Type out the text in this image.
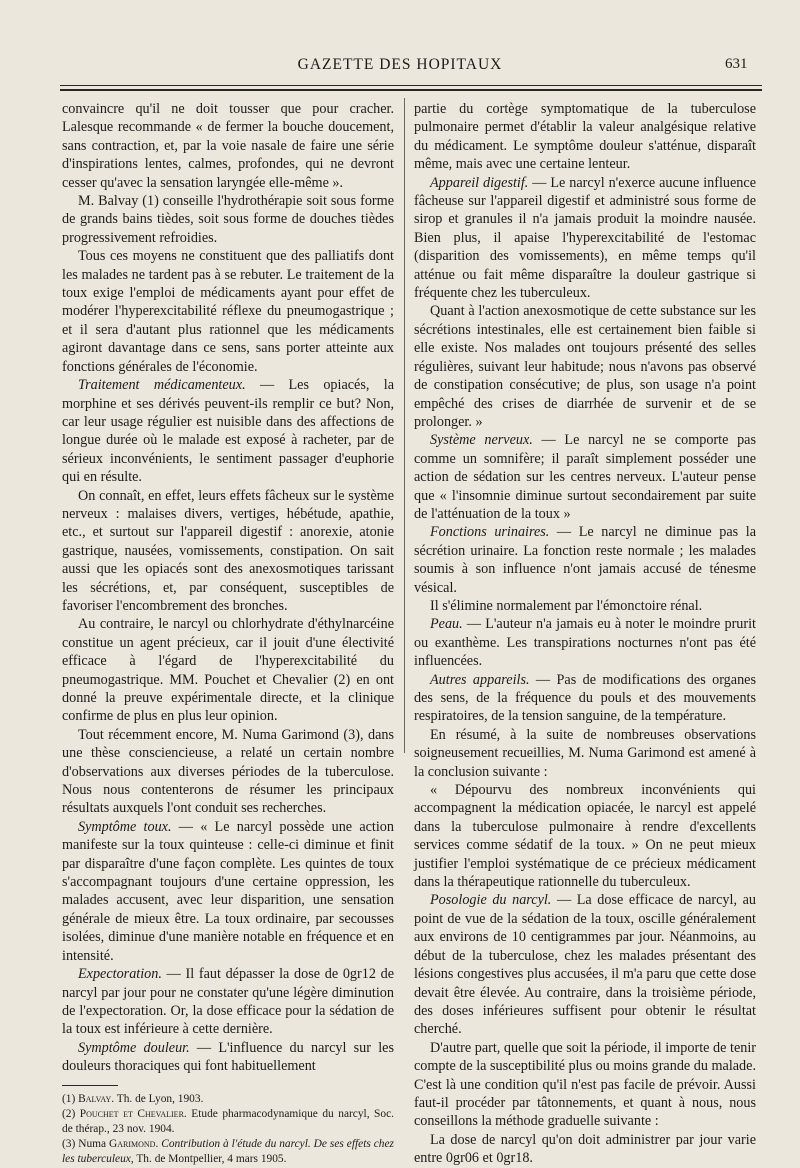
GAZETTE DES HOPITAUX	631

convaincre qu'il ne doit tousser que pour cracher. Lalesque recommande « de fermer la bouche doucement, sans contraction, et, par la voie nasale de faire une série d'inspirations lentes, calmes, profondes, qui ne devront cesser qu'avec la sensation laryngée elle-même ».

M. Balvay (1) conseille l'hydrothérapie soit sous forme de grands bains tièdes, soit sous forme de douches tièdes progressivement refroidies.

Tous ces moyens ne constituent que des palliatifs dont les malades ne tardent pas à se rebuter. Le traitement de la toux exige l'emploi de médicaments ayant pour effet de modérer l'hyperexcitabilité réflexe du pneumogastrique ; et il sera d'autant plus rationnel que les médicaments agiront davantage dans ce sens, sans porter atteinte aux fonctions générales de l'économie.

Traitement médicamenteux. — Les opiacés, la morphine et ses dérivés peuvent-ils remplir ce but? Non, car leur usage régulier est nuisible dans des affections de longue durée où le malade est exposé à racheter, par de sérieux inconvénients, le sentiment passager d'euphorie qui en résulte.

On connaît, en effet, leurs effets fâcheux sur le système nerveux : malaises divers, vertiges, hébétude, apathie, etc., et surtout sur l'appareil digestif : anorexie, atonie gastrique, nausées, vomissements, constipation. On sait aussi que les opiacés sont des anexosmotiques tarissant les sécrétions, et, par conséquent, susceptibles de favoriser l'encombrement des bronches.

Au contraire, le narcyl ou chlorhydrate d'éthylnarcéine constitue un agent précieux, car il jouit d'une électivité efficace à l'égard de l'hyperexcitabilité du pneumogastrique. MM. Pouchet et Chevalier (2) en ont donné la preuve expérimentale directe, et la clinique confirme de plus en plus leur opinion.

Tout récemment encore, M. Numa Garimond (3), dans une thèse consciencieuse, a relaté un certain nombre d'observations aux diverses périodes de la tuberculose. Nous nous contenterons de résumer les principaux résultats auxquels l'ont conduit ses recherches.

Symptôme toux. — « Le narcyl possède une action manifeste sur la toux quinteuse : celle-ci diminue et finit par disparaître d'une façon complète. Les quintes de toux s'accompagnant toujours d'une certaine oppression, les malades accusent, avec leur disparition, une sensation générale de mieux être. La toux ordinaire, par secousses isolées, diminue d'une manière notable en fréquence et en intensité.

Expectoration. — Il faut dépasser la dose de 0gr12 de narcyl par jour pour ne constater qu'une légère diminution de l'expectoration. Or, la dose efficace pour la sédation de la toux est inférieure à cette dernière.

Symptôme douleur. — L'influence du narcyl sur les douleurs thoraciques qui font habituellement

(1) Balvay. Th. de Lyon, 1903.
(2) Pouchet et Chevalier. Etude pharmacodynamique du narcyl, Soc. de thérap., 23 nov. 1904.
(3) Numa Garimond. Contribution à l'étude du narcyl. De ses effets chez les tuberculeux, Th. de Montpellier, 4 mars 1905.

partie du cortège symptomatique de la tuberculose pulmonaire permet d'établir la valeur analgésique relative du médicament. Le symptôme douleur s'atténue, disparaît même, mais avec une certaine lenteur.

Appareil digestif. — Le narcyl n'exerce aucune influence fâcheuse sur l'appareil digestif et administré sous forme de sirop et granules il n'a jamais produit la moindre nausée. Bien plus, il apaise l'hyperexcitabilité de l'estomac (disparition des vomissements), en même temps qu'il atténue ou fait même disparaître la douleur gastrique si fréquente chez les tuberculeux.

Quant à l'action anexosmotique de cette substance sur les sécrétions intestinales, elle est certainement bien faible si elle existe. Nos malades ont toujours présenté des selles régulières, suivant leur habitude; nous n'avons pas observé de constipation consécutive; de plus, son usage n'a point empêché des crises de diarrhée de survenir et de se prolonger. »

Système nerveux. — Le narcyl ne se comporte pas comme un somnifère; il paraît simplement posséder une action de sédation sur les centres nerveux. L'auteur pense que « l'insomnie diminue surtout secondairement par suite de l'atténuation de la toux »

Fonctions urinaires. — Le narcyl ne diminue pas la sécrétion urinaire. La fonction reste normale ; les malades soumis à son influence n'ont jamais accusé de ténesme vésical.

Il s'élimine normalement par l'émonctoire rénal.

Peau. — L'auteur n'a jamais eu à noter le moindre prurit ou exanthème. Les transpirations nocturnes n'ont pas été influencées.

Autres appareils. — Pas de modifications des organes des sens, de la fréquence du pouls et des mouvements respiratoires, de la tension sanguine, de la température.

En résumé, à la suite de nombreuses observations soigneusement recueillies, M. Numa Garimond est amené à la conclusion suivante :

« Dépourvu des nombreux inconvénients qui accompagnent la médication opiacée, le narcyl est appelé dans la tuberculose pulmonaire à rendre d'excellents services comme sédatif de la toux. » On ne peut mieux justifier l'emploi systématique de ce précieux médicament dans la thérapeutique rationnelle du tuberculeux.

Posologie du narcyl. — La dose efficace de narcyl, au point de vue de la sédation de la toux, oscille généralement aux environs de 10 centigrammes par jour. Néanmoins, au début de la tuberculose, chez les malades présentant des lésions congestives plus accusées, il m'a paru que cette dose devait être élevée. Au contraire, dans la troisième période, des doses inférieures suffisent pour obtenir le résultat cherché.

D'autre part, quelle que soit la période, il importe de tenir compte de la susceptibilité plus ou moins grande du malade. C'est là une condition qu'il n'est pas facile de prévoir. Aussi faut-il procéder par tâtonnements, et quant à nous, nous conseillons la méthode graduelle suivante :

La dose de narcyl qu'on doit administrer par jour varie entre 0gr06 et 0gr18.
